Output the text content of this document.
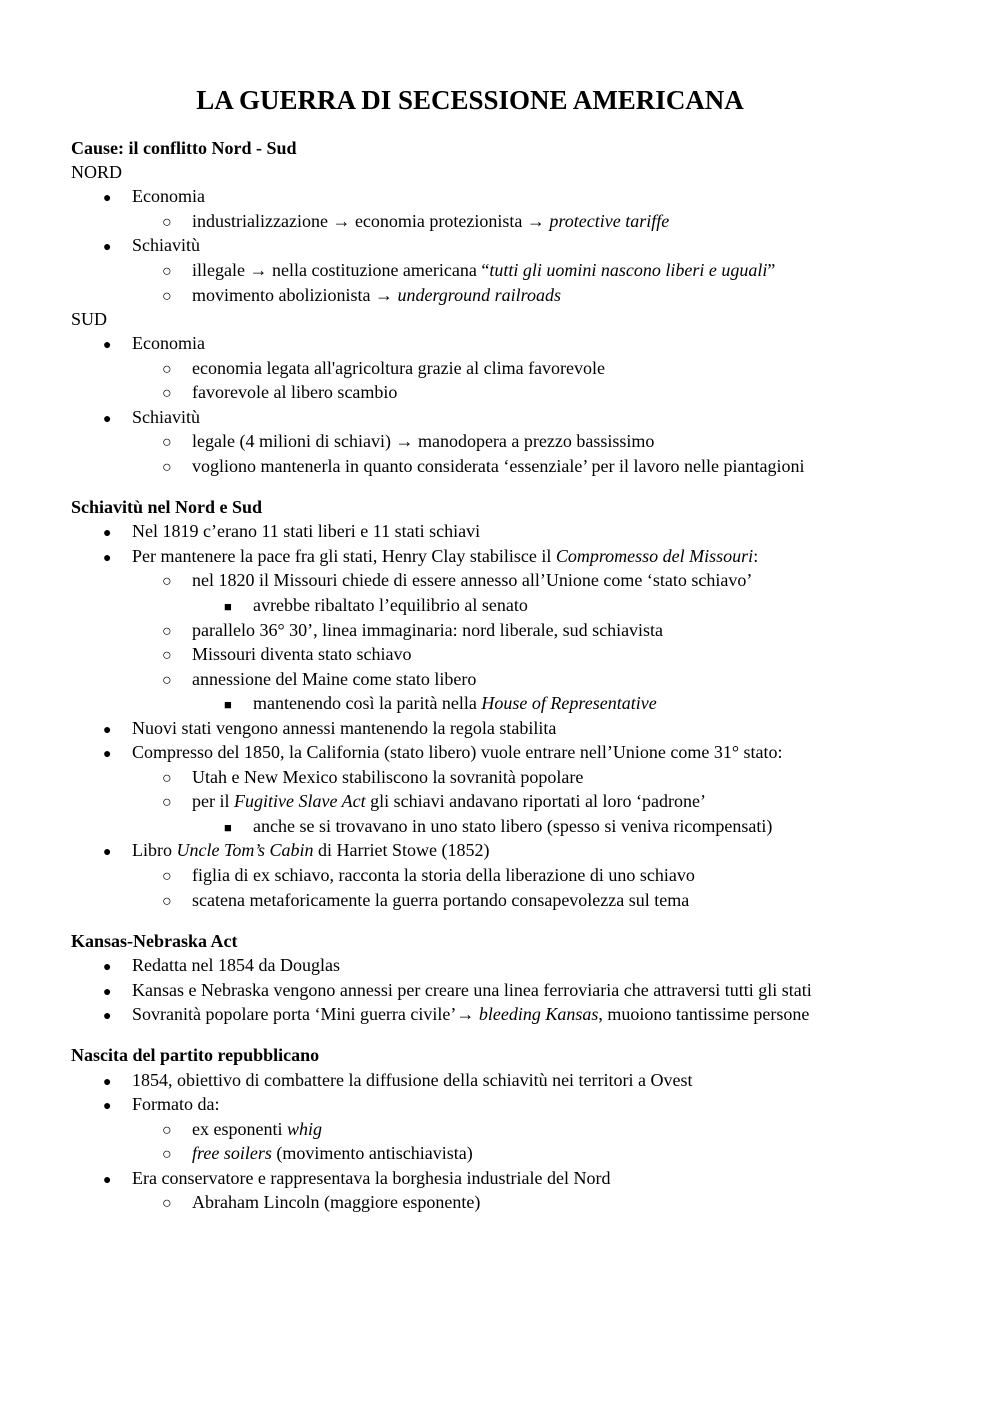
LA GUERRA DI SECESSIONE AMERICANA
Cause: il conflitto Nord - Sud
NORD
● Economia
○ industrializzazione → economia protezionista → protective tariffe
● Schiavitù
○ illegale → nella costituzione americana “tutti gli uomini nascono liberi e uguali”
○ movimento abolizionista → underground railroads
SUD
● Economia
○ economia legata all'agricoltura grazie al clima favorevole
○ favorevole al libero scambio
● Schiavitù
○ legale (4 milioni di schiavi) → manodopera a prezzo bassissimo
○ vogliono mantenerla in quanto considerata ‘essenziale’ per il lavoro nelle piantagioni
Schiavitù nel Nord e Sud
● Nel 1819 c’erano 11 stati liberi e 11 stati schiavi
● Per mantenere la pace fra gli stati, Henry Clay stabilisce il Compromesso del Missouri:
○ nel 1820 il Missouri chiede di essere annesso all’Unione come ‘stato schiavo’
■ avrebbe ribaltato l’equilibrio al senato
○ parallelo 36° 30’, linea immaginaria: nord liberale, sud schiavista
○ Missouri diventa stato schiavo
○ annessione del Maine come stato libero
■ mantenendo così la parità nella House of Representative
● Nuovi stati vengono annessi mantenendo la regola stabilita
● Compresso del 1850, la California (stato libero) vuole entrare nell’Unione come 31° stato:
○ Utah e New Mexico stabiliscono la sovranità popolare
○ per il Fugitive Slave Act gli schiavi andavano riportati al loro ‘padrone’
■ anche se si trovavano in uno stato libero (spesso si veniva ricompensati)
● Libro Uncle Tom’s Cabin di Harriet Stowe (1852)
○ figlia di ex schiavo, racconta la storia della liberazione di uno schiavo
○ scatena metaforicamente la guerra portando consapevolezza sul tema
Kansas-Nebraska Act
● Redatta nel 1854 da Douglas
● Kansas e Nebraska vengono annessi per creare una linea ferroviaria che attraversi tutti gli stati
● Sovranità popolare porta ‘Mini guerra civile’→ bleeding Kansas, muoiono tantissime persone
Nascita del partito repubblicano
● 1854, obiettivo di combattere la diffusione della schiavitù nei territori a Ovest
● Formato da:
○ ex esponenti whig
○ free soilers (movimento antischiavista)
● Era conservatore e rappresentava la borghesia industriale del Nord
○ Abraham Lincoln (maggiore esponente)
